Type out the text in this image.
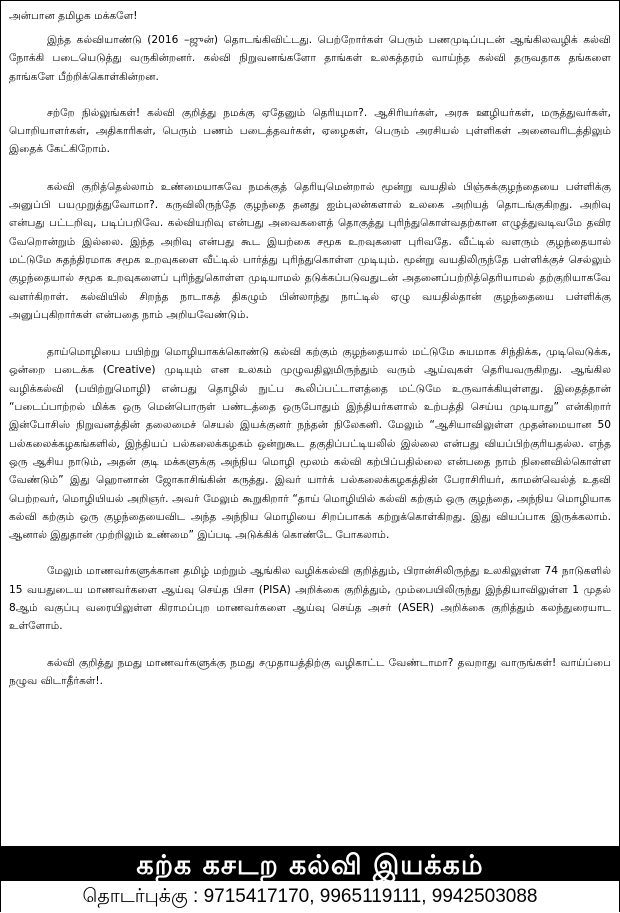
அன்பான தமிழக மக்களே!

இந்த கல்வியாண்டு (2016 –ஜுன்) தொடங்கிவிட்டது. பெற்றோர்கள் பெரும் பணமுடிப்புடன் ஆங்கிலவழிக் கல்வி நோக்கி படையெடுத்து வருகின்றனர். கல்வி நிறுவனங்களோ தாங்கள் உலகத்தரம் வாய்ந்த கல்வி தருவதாக தங்களை தாங்களே பீற்றிக்கொள்கின்றன.

சற்றே நில்லுங்கள்! கல்வி குறித்து நமக்கு ஏதேனும் தெரியுமா?. ஆசிரியர்கள், அரசு ஊழியர்கள், மருத்துவர்கள், பொறியாளர்கள், அதிகாரிகள், பெரும் பணம் படைத்தவர்கள், ஏழைகள், பெரும் அரசியல் புள்ளிகள் அனைவரிடத்திலும் இதைக் கேட்கிறோம்.

கல்வி குறித்தெல்லாம் உண்மையாகவே நமக்குத் தெரியுமென்றால் மூன்று வயதில் பிஞ்சுக்குழந்தையை பள்ளிக்கு அனுப்பி பயமுறுத்துவோமா?. கருவிலிருந்தே குழந்தை தனது ஐம்புலன்களால் உலகை அறியத் தொடங்குகிறது. அறிவு என்பது பட்டறிவு, படிப்பறிவே. கல்வியறிவு என்பது அவைகளைத் தொகுத்து புரிந்துகொள்வதற்கான எழுத்துவடிவமே தவிர வேறொன்றும் இல்லை. இந்த அறிவு என்பது கூட இயற்கை சமூக உறவுகளை புரிவதே. வீட்டில் வளரும் குழந்தையால் மட்டுமே சுதந்திரமாக சமூக உறவுகளை வீட்டில் பார்த்து புரிந்துகொள்ள முடியும். மூன்று வயதிலிருந்தே பள்ளிக்குச் செல்லும் குழந்தையால் சமூக உறவுகளைப் புரிந்துகொள்ள முடியாமல் தடுக்கப்படுவதுடன் அதனைப்பற்றித்தெரியாமல் தற்குறியாகவே வளர்கிறாள். கல்வியில் சிறந்த நாடாகத் திகழும் பின்லாந்து நாட்டில் ஏழு வயதில்தான் குழந்தையை பள்ளிக்கு அனுப்புகிறார்கள் என்பதை நாம் அறியவேண்டும்.

தாய்மொழியை பயிற்று மொழியாகக்கொண்டு கல்வி கற்கும் குழந்தையால் மட்டுமே சுயமாக சிந்திக்க, முடிவெடுக்க, ஒன்றை படைக்க (Creative) முடியும் என உலகம் முழுவதிலுமிருந்தும் வரும் ஆய்வுகள் தெரியவருகிறது. ஆங்கில வழிக்கல்வி (பயிற்றுமொழி) என்பது தொழில் நுட்ப கூலிப்பட்டாளத்தை மட்டுமே உருவாக்கியுள்ளது. இதைத்தான் “படைப்பாற்றல் மிக்க ஒரு மென்பொருள் பண்டத்தை ஒருபோதும் இந்தியர்களால் உற்பத்தி செய்ய முடியாது” என்கிறார் இன்போசிஸ் நிறுவனத்தின் தலைமைச் செயல் இயக்குனர் நந்தன் நிலேகனி. மேலும் “ஆசியாவிலுள்ள முதன்மையான 50 பல்கலைக்கழகங்களில், இந்தியப் பல்கலைக்கழகம் ஒன்றுகூட தகுதிப்பட்டியலில் இல்லை என்பது வியப்பிற்குரியதல்ல. எந்த ஒரு ஆசிய நாடும், அதன் குடி மக்களுக்கு அந்நிய மொழி மூலம் கல்வி கற்பிப்பதில்லை என்பதை நாம் நினைவில்கொள்ள வேண்டும்” இது ஹொனான் ஜோகாசிங்கின் கருத்து. இவர் யார்க் பல்கலைக்கழகத்தின் பேராசிரியர், காமன்வெல்த் உதவி பெற்றவர், மொழியியல் அறிஞர். அவர் மேலும் கூறுகிறார் “தாய் மொழியில் கல்வி கற்கும் ஒரு குழந்தை, அந்நிய மொழியாக கல்வி கற்கும் ஒரு குழந்தையைவிட அந்த அந்நிய மொழியை சிறப்பாகக் கற்றுக்கொள்கிறது. இது வியப்பாக இருக்கலாம். ஆனால் இதுதான் முற்றிலும் உண்மை” இப்படி அடுக்கிக் கொண்டே போகலாம்.

மேலும் மாணவர்களுக்கான தமிழ் மற்றும் ஆங்கில வழிக்கல்வி குறித்தும், பிரான்சிலிருந்து உலகிலுள்ள 74 நாடுகளில் 15 வயதுடைய மாணவர்களை ஆய்வு செய்த பிசா (PISA) அறிக்கை குறித்தும், மும்பையிலிருந்து இந்தியாவிலுள்ள 1 முதல் 8ஆம் வகுப்பு வரையிலுள்ள கிராமப்புற மாணவர்களை ஆய்வு செய்த அசர் (ASER) அறிக்கை குறித்தும் கலந்துரையாட உள்ளோம்.

கல்வி குறித்து நமது மாணவர்களுக்கு நமது சமுதாயத்திற்கு வழிகாட்ட வேண்டாமா? தவறாது வாருங்கள்! வாய்ப்பை நழுவ விடாதீர்கள்!.

கற்க கசடற கல்வி இயக்கம்
தொடர்புக்கு : 9715417170, 9965119111, 9942503088
